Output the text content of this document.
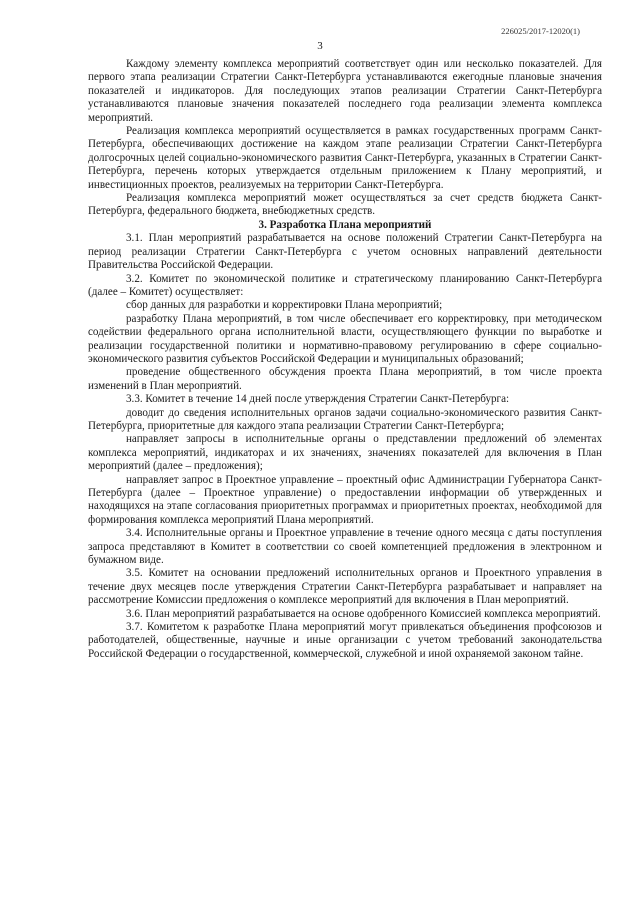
226025/2017-12020(1)
3

Каждому элементу комплекса мероприятий соответствует один или несколько показателей. Для первого этапа реализации Стратегии Санкт-Петербурга устанавливаются ежегодные плановые значения показателей и индикаторов. Для последующих этапов реализации Стратегии Санкт-Петербурга устанавливаются плановые значения показателей последнего года реализации элемента комплекса мероприятий.

Реализация комплекса мероприятий осуществляется в рамках государственных программ Санкт-Петербурга, обеспечивающих достижение на каждом этапе реализации Стратегии Санкт-Петербурга долгосрочных целей социально-экономического развития Санкт-Петербурга, указанных в Стратегии Санкт-Петербурга, перечень которых утверждается отдельным приложением к Плану мероприятий, и инвестиционных проектов, реализуемых на территории Санкт-Петербурга.

Реализация комплекса мероприятий может осуществляться за счет средств бюджета Санкт-Петербурга, федерального бюджета, внебюджетных средств.

3. Разработка Плана мероприятий

3.1. План мероприятий разрабатывается на основе положений Стратегии Санкт-Петербурга на период реализации Стратегии Санкт-Петербурга с учетом основных направлений деятельности Правительства Российской Федерации.

3.2. Комитет по экономической политике и стратегическому планированию Санкт-Петербурга (далее – Комитет) осуществляет:

сбор данных для разработки и корректировки Плана мероприятий;

разработку Плана мероприятий, в том числе обеспечивает его корректировку, при методическом содействии федерального органа исполнительной власти, осуществляющего функции по выработке и реализации государственной политики и нормативно-правовому регулированию в сфере социально-экономического развития субъектов Российской Федерации и муниципальных образований;

проведение общественного обсуждения проекта Плана мероприятий, в том числе проекта изменений в План мероприятий.

3.3. Комитет в течение 14 дней после утверждения Стратегии Санкт-Петербурга:

доводит до сведения исполнительных органов задачи социально-экономического развития Санкт-Петербурга, приоритетные для каждого этапа реализации Стратегии Санкт-Петербурга;

направляет запросы в исполнительные органы о представлении предложений об элементах комплекса мероприятий, индикаторах и их значениях, значениях показателей для включения в План мероприятий (далее – предложения);

направляет запрос в Проектное управление – проектный офис Администрации Губернатора Санкт-Петербурга (далее – Проектное управление) о предоставлении информации об утвержденных и находящихся на этапе согласования приоритетных программах и приоритетных проектах, необходимой для формирования комплекса мероприятий Плана мероприятий.

3.4. Исполнительные органы и Проектное управление в течение одного месяца с даты поступления запроса представляют в Комитет в соответствии со своей компетенцией предложения в электронном и бумажном виде.

3.5. Комитет на основании предложений исполнительных органов и Проектного управления в течение двух месяцев после утверждения Стратегии Санкт-Петербурга разрабатывает и направляет на рассмотрение Комиссии предложения о комплексе мероприятий для включения в План мероприятий.

3.6. План мероприятий разрабатывается на основе одобренного Комиссией комплекса мероприятий.

3.7. Комитетом к разработке Плана мероприятий могут привлекаться объединения профсоюзов и работодателей, общественные, научные и иные организации с учетом требований законодательства Российской Федерации о государственной, коммерческой, служебной и иной охраняемой законом тайне.
